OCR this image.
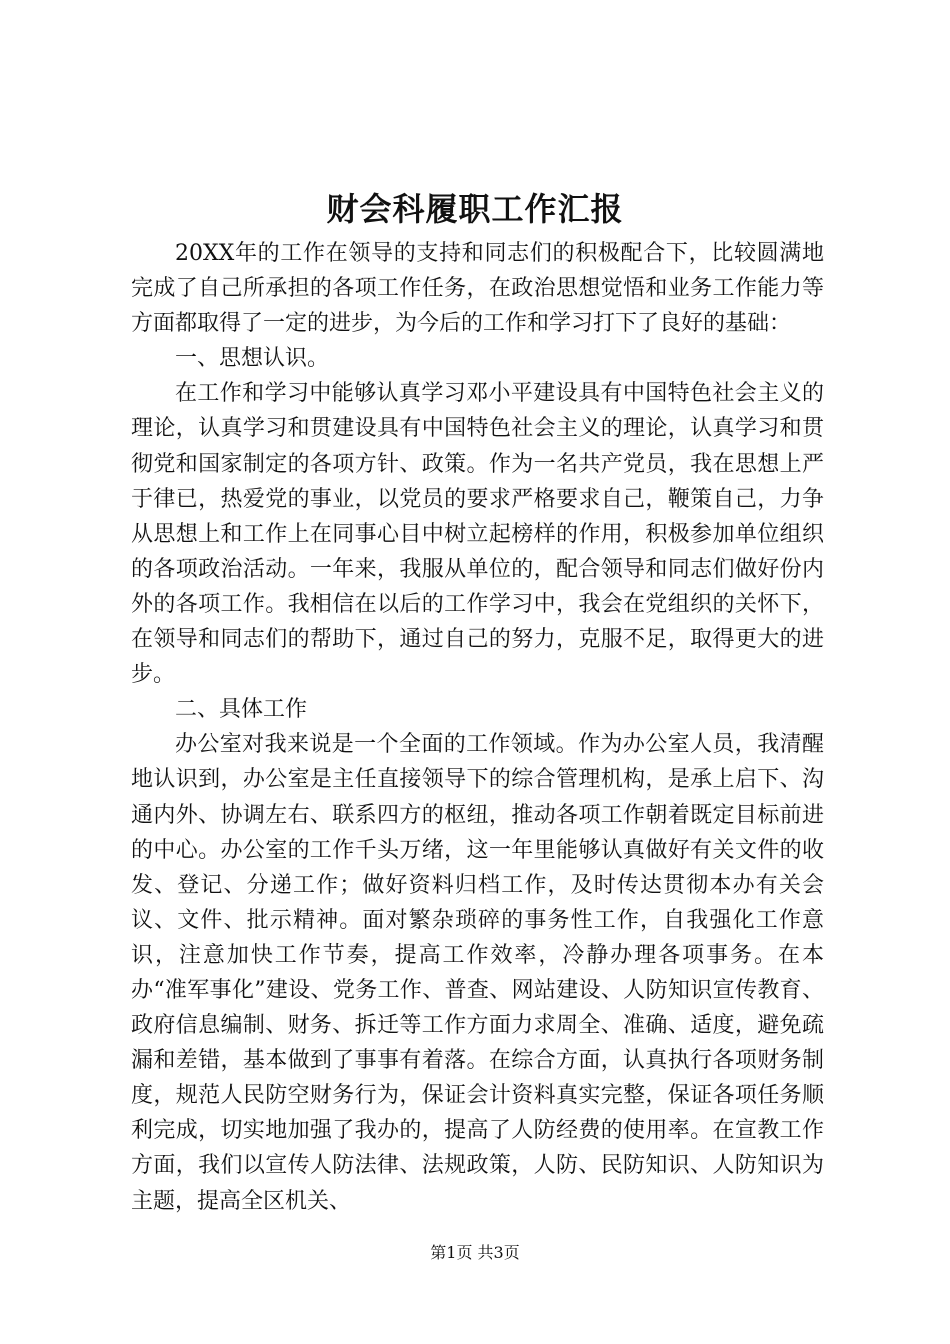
财会科履职工作汇报

20XX年的工作在领导的支持和同志们的积极配合下，比较圆满地完成了自己所承担的各项工作任务，在政治思想觉悟和业务工作能力等方面都取得了一定的进步，为今后的工作和学习打下了良好的基础：

一、思想认识。

在工作和学习中能够认真学习邓小平建设具有中国特色社会主义的理论，认真学习和贯建设具有中国特色社会主义的理论，认真学习和贯彻党和国家制定的各项方针、政策。作为一名共产党员，我在思想上严于律已，热爱党的事业，以党员的要求严格要求自己，鞭策自己，力争从思想上和工作上在同事心目中树立起榜样的作用，积极参加单位组织的各项政治活动。一年来，我服从单位的，配合领导和同志们做好份内外的各项工作。我相信在以后的工作学习中，我会在党组织的关怀下，在领导和同志们的帮助下，通过自己的努力，克服不足，取得更大的进步。

二、具体工作

办公室对我来说是一个全面的工作领域。作为办公室人员，我清醒地认识到，办公室是主任直接领导下的综合管理机构，是承上启下、沟通内外、协调左右、联系四方的枢纽，推动各项工作朝着既定目标前进的中心。办公室的工作千头万绪，这一年里能够认真做好有关文件的收发、登记、分递工作；做好资料归档工作，及时传达贯彻本办有关会议、文件、批示精神。面对繁杂琐碎的事务性工作，自我强化工作意识，注意加快工作节奏，提高工作效率，冷静办理各项事务。在本办“准军事化”建设、党务工作、普查、网站建设、人防知识宣传教育、政府信息编制、财务、拆迁等工作方面力求周全、准确、适度，避免疏漏和差错，基本做到了事事有着落。在综合方面，认真执行各项财务制度，规范人民防空财务行为，保证会计资料真实完整，保证各项任务顺利完成，切实地加强了我办的，提高了人防经费的使用率。在宣教工作方面，我们以宣传人防法律、法规政策，人防、民防知识、人防知识为主题，提高全区机关、

第1页 共3页
